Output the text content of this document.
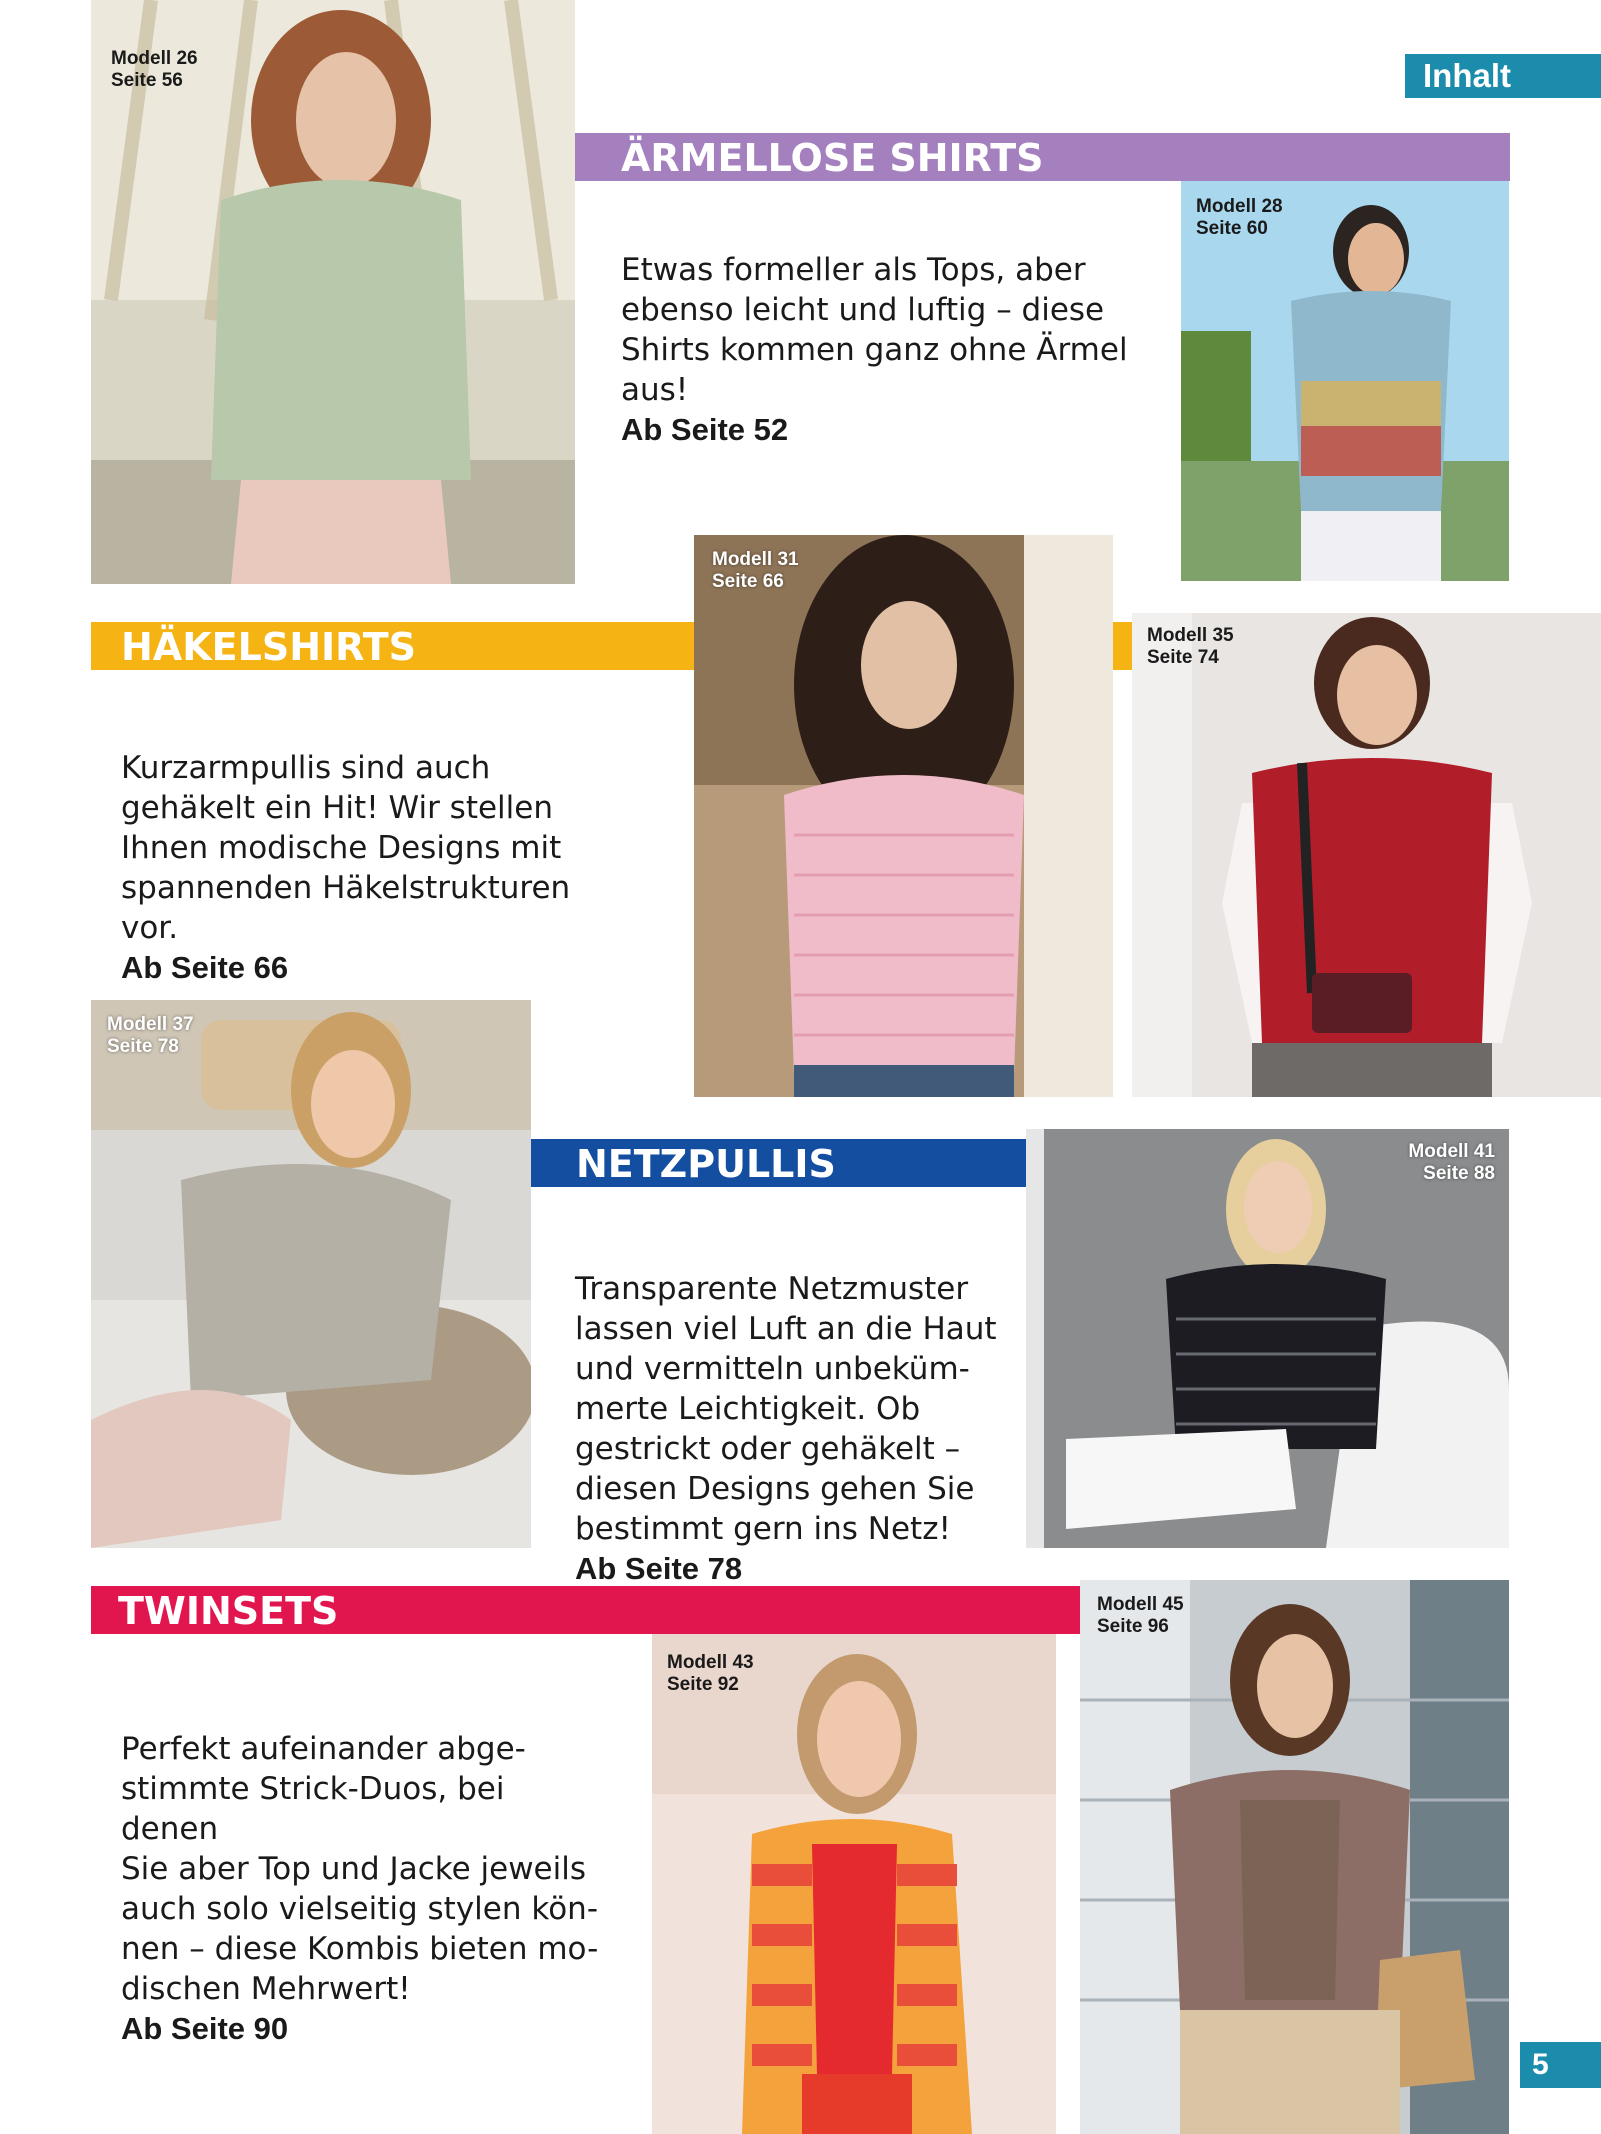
Inhalt
Modell 26
Seite 56
ÄRMELLOSE SHIRTS

Etwas formeller als Tops, aber
ebenso leicht und luftig – diese
Shirts kommen ganz ohne Ärmel
aus!

Ab Seite 52

Modell 28
Seite 60
Modell 31
Seite 66
HÄKELSHIRTS

Kurzarmpullis sind auch
gehäkelt ein Hit! Wir stellen
Ihnen modische Designs mit
spannenden Häkelstrukturen
vor.

Ab Seite 66

Modell 35
Seite 74
Modell 37
Seite 78
NETZPULLIS

Transparente Netzmuster
lassen viel Luft an die Haut
und vermitteln unbeküm-
merte Leichtigkeit. Ob
gestrickt oder gehäkelt –
diesen Designs gehen Sie
bestimmt gern ins Netz!

Ab Seite 78

Modell 41
Seite 88
TWINSETS

Perfekt aufeinander abge-
stimmte Strick-Duos, bei denen
Sie aber Top und Jacke jeweils
auch solo vielseitig stylen kön-
nen – diese Kombis bieten mo-
dischen Mehrwert!

Ab Seite 90

Modell 43
Seite 92
Modell 45
Seite 96
5
